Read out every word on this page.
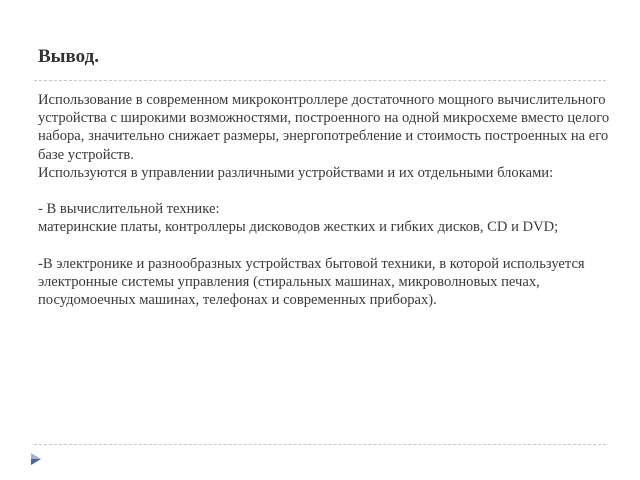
Вывод.

Использование в современном микроконтроллере достаточного мощного вычислительного устройства с широкими возможностями, построенного на одной микросхеме вместо целого набора, значительно снижает размеры, энергопотребление и стоимость построенных на его базе устройств.

Используются в управлении различными устройствами и их отдельными блоками:

- В вычислительной технике:

материнские платы, контроллеры дисководов жестких и гибких дисков, CD и DVD;

-В электронике и разнообразных устройствах бытовой техники, в которой используется электронные системы управления (стиральных машинах, микроволновых печах, посудомоечных машинах, телефонах и современных приборах).
